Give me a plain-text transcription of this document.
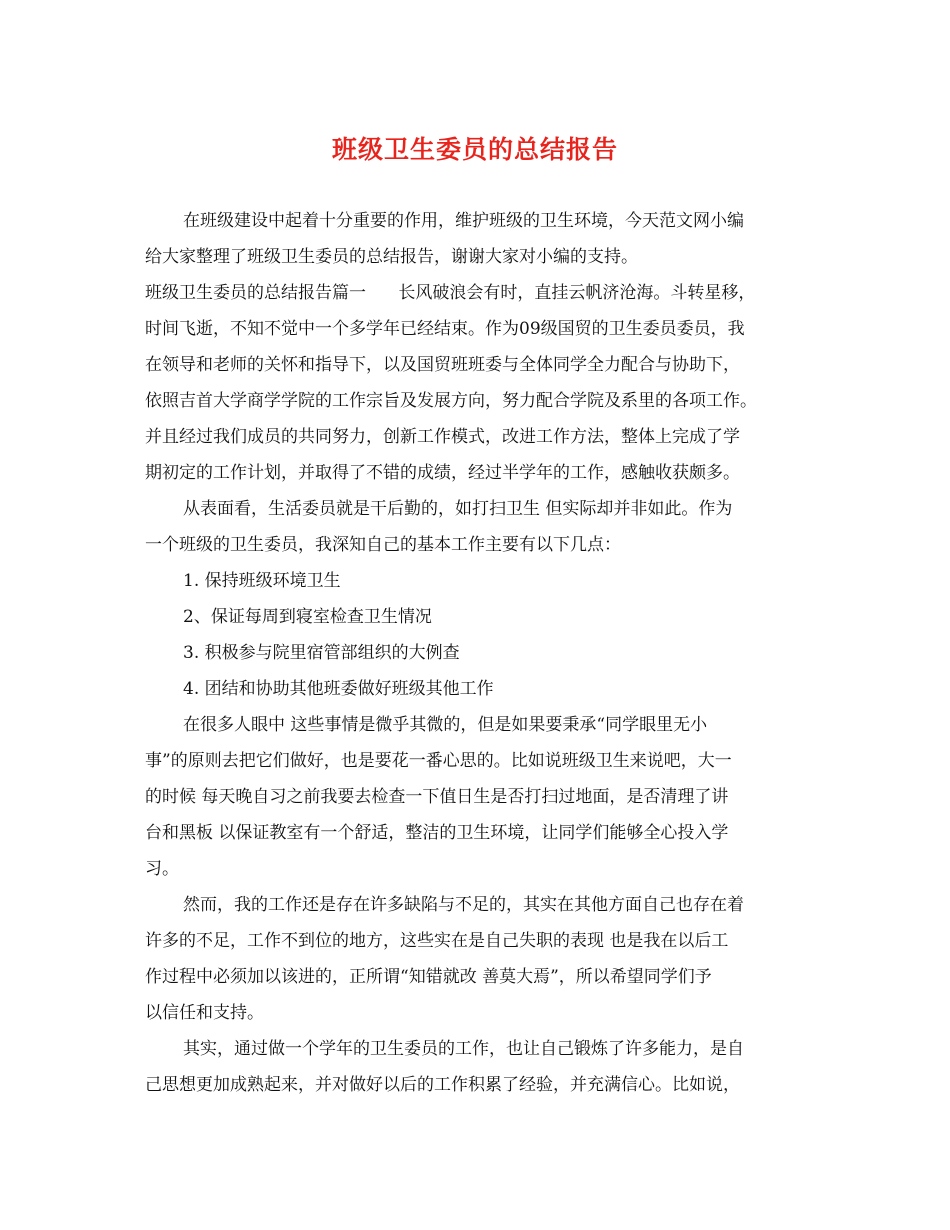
班级卫生委员的总结报告
在班级建设中起着十分重要的作用，维护班级的卫生环境，今天范文网小编
给大家整理了班级卫生委员的总结报告，谢谢大家对小编的支持。
班级卫生委员的总结报告篇一      长风破浪会有时，直挂云帆济沧海。斗转星移，
时间飞逝，不知不觉中一个多学年已经结束。作为09级国贸的卫生委员委员，我
在领导和老师的关怀和指导下，以及国贸班班委与全体同学全力配合与协助下，
依照吉首大学商学学院的工作宗旨及发展方向，努力配合学院及系里的各项工作。
并且经过我们成员的共同努力，创新工作模式，改进工作方法，整体上完成了学
期初定的工作计划，并取得了不错的成绩，经过半学年的工作，感触收获颇多。
从表面看，生活委员就是干后勤的，如打扫卫生 但实际却并非如此。作为
一个班级的卫生委员，我深知自己的基本工作主要有以下几点：
1. 保持班级环境卫生
2、保证每周到寝室检查卫生情况
3. 积极参与院里宿管部组织的大例查
4. 团结和协助其他班委做好班级其他工作
在很多人眼中 这些事情是微乎其微的，但是如果要秉承“同学眼里无小
事”的原则去把它们做好，也是要花一番心思的。比如说班级卫生来说吧，大一
的时候 每天晚自习之前我要去检查一下值日生是否打扫过地面，是否清理了讲
台和黑板 以保证教室有一个舒适，整洁的卫生环境，让同学们能够全心投入学
习。
然而，我的工作还是存在许多缺陷与不足的，其实在其他方面自己也存在着
许多的不足，工作不到位的地方，这些实在是自己失职的表现 也是我在以后工
作过程中必须加以该进的，正所谓“知错就改 善莫大焉”，所以希望同学们予
以信任和支持。
其实，通过做一个学年的卫生委员的工作，也让自己锻炼了许多能力，是自
己思想更加成熟起来，并对做好以后的工作积累了经验，并充满信心。比如说，
